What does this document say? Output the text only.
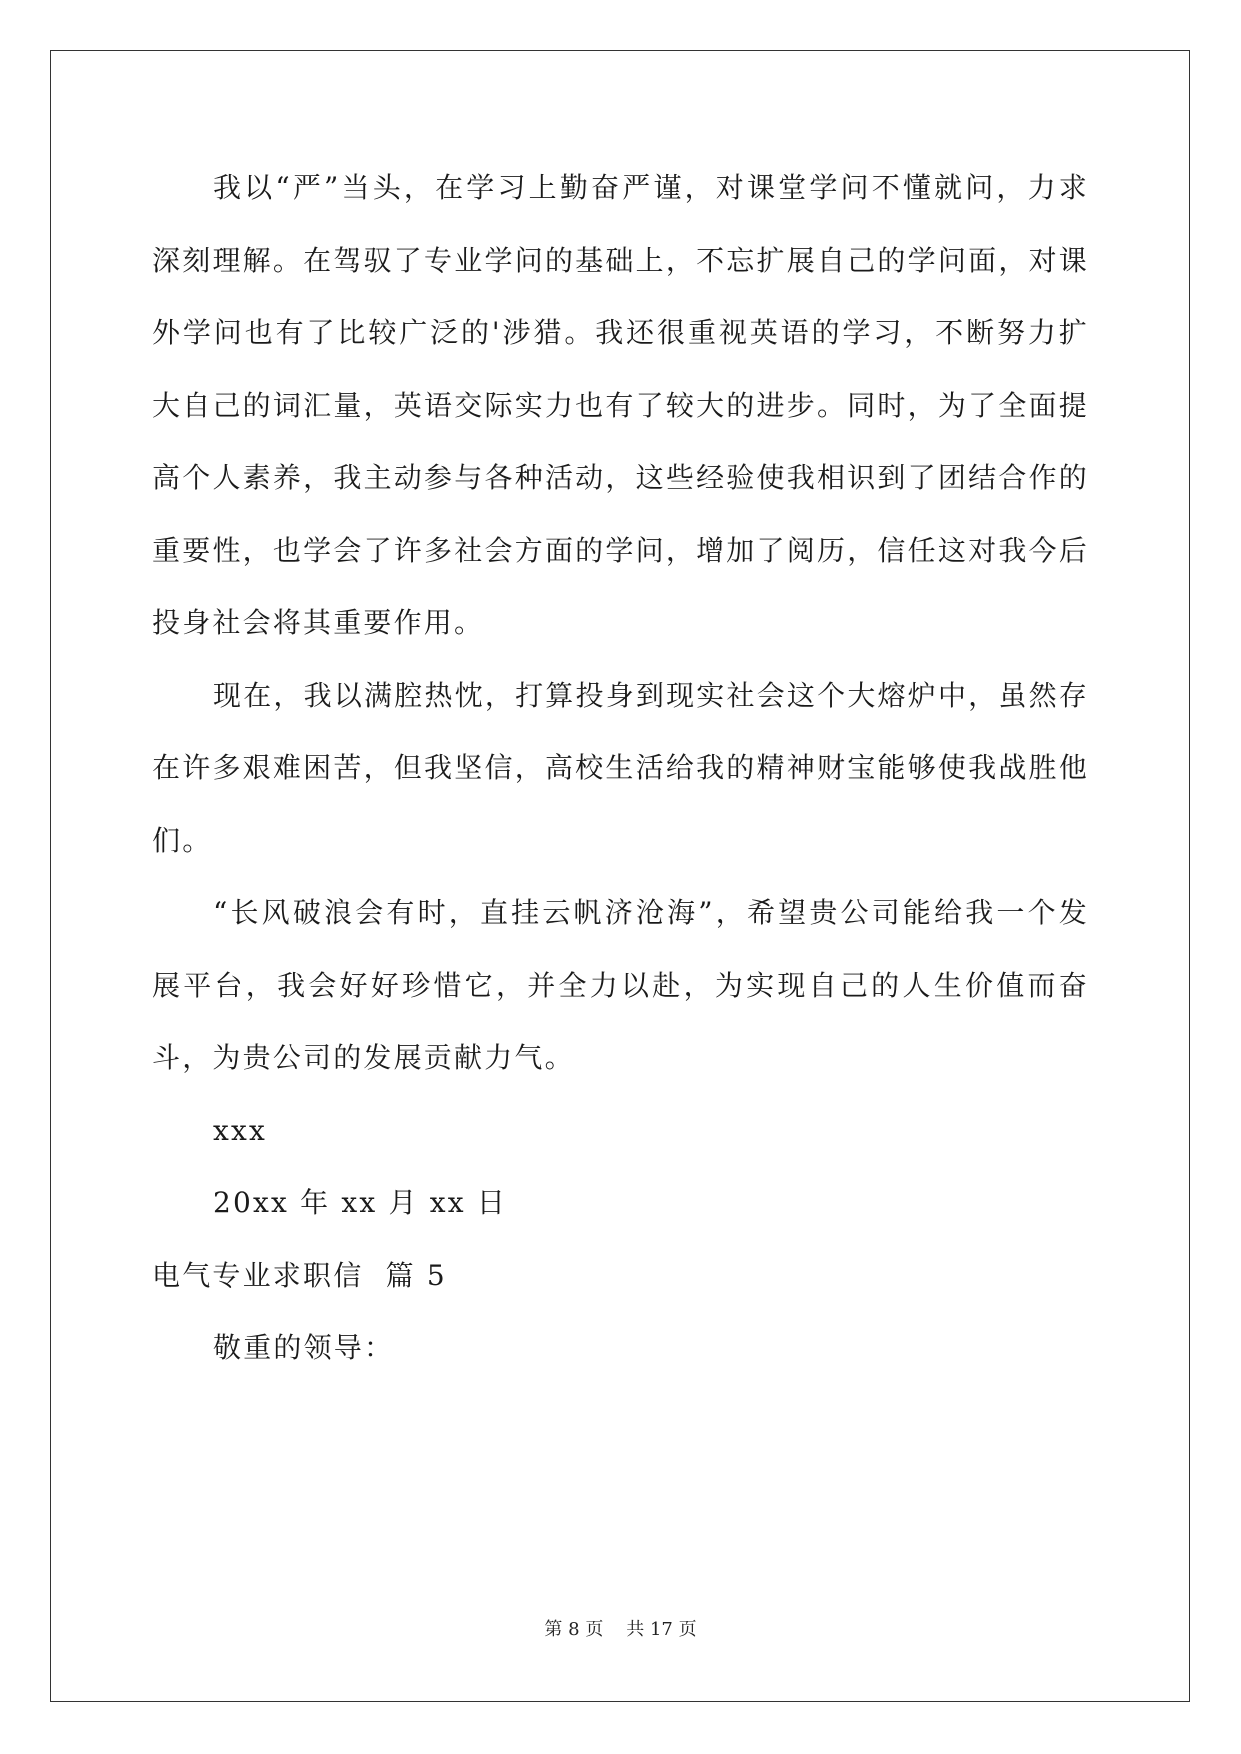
我以“严”当头，在学习上勤奋严谨，对课堂学问不懂就问，力求深刻理解。在驾驭了专业学问的基础上，不忘扩展自己的学问面，对课外学问也有了比较广泛的'涉猎。我还很重视英语的学习，不断努力扩大自己的词汇量，英语交际实力也有了较大的进步。同时，为了全面提高个人素养，我主动参与各种活动，这些经验使我相识到了团结合作的重要性，也学会了许多社会方面的学问，增加了阅历，信任这对我今后投身社会将其重要作用。

现在，我以满腔热忱，打算投身到现实社会这个大熔炉中，虽然存在许多艰难困苦，但我坚信，高校生活给我的精神财宝能够使我战胜他们。

“长风破浪会有时，直挂云帆济沧海”，希望贵公司能给我一个发展平台，我会好好珍惜它，并全力以赴，为实现自己的人生价值而奋斗，为贵公司的发展贡献力气。

xxx

20xx 年 xx 月 xx 日

电气专业求职信  篇 5

敬重的领导：

第 8 页 共 17 页
